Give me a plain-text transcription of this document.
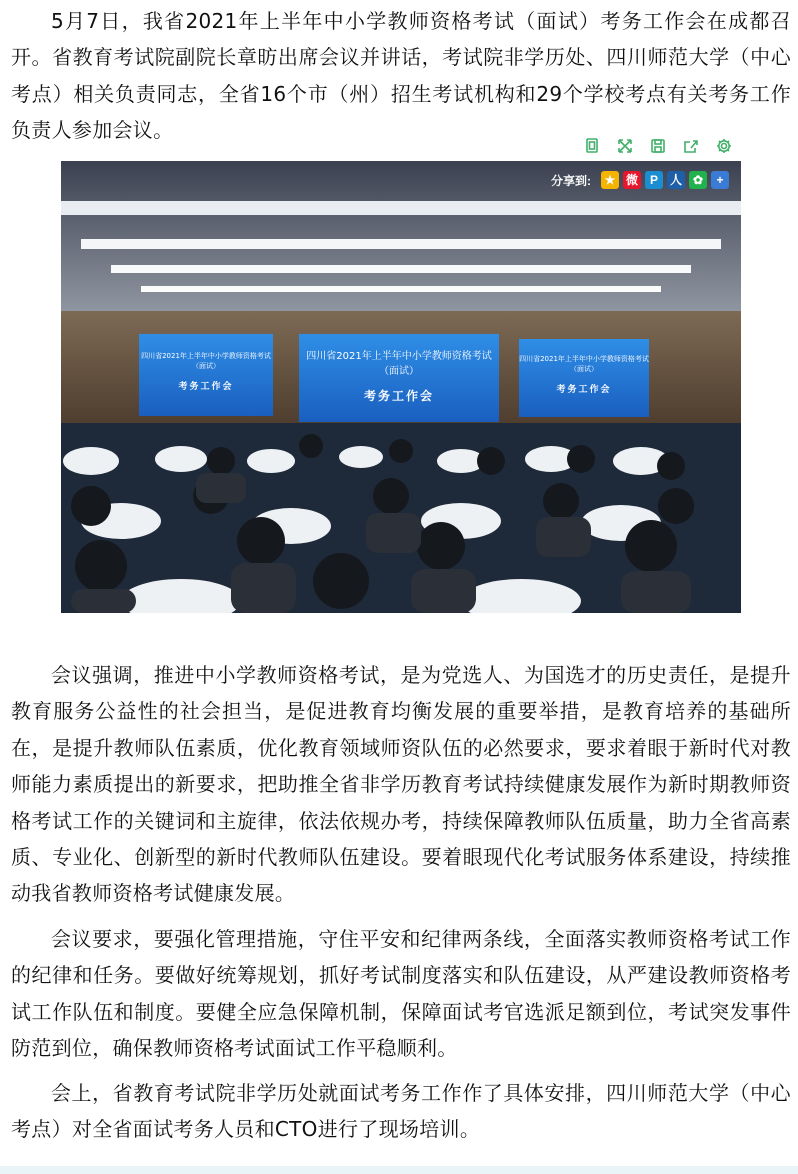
5月7日，我省2021年上半年中小学教师资格考试（面试）考务工作会在成都召开。省教育考试院副院长章昉出席会议并讲话，考试院非学历处、四川师范大学（中心考点）相关负责同志，全省16个市（州）招生考试机构和29个学校考点有关考务工作负责人参加会议。

四川省2021年上半年中小学教师资格考试（面试）
考务工作会
四川省2021年上半年中小学教师资格考试（面试）
考务工作会
四川省2021年上半年中小学教师资格考试（面试）
考务工作会
分享到:	★ 微 P 人 ✿	+

会议强调，推进中小学教师资格考试，是为党选人、为国选才的历史责任，是提升教育服务公益性的社会担当，是促进教育均衡发展的重要举措，是教育培养的基础所在，是提升教师队伍素质，优化教育领域师资队伍的必然要求，要求着眼于新时代对教师能力素质提出的新要求，把助推全省非学历教育考试持续健康发展作为新时期教师资格考试工作的关键词和主旋律，依法依规办考，持续保障教师队伍质量，助力全省高素质、专业化、创新型的新时代教师队伍建设。要着眼现代化考试服务体系建设，持续推动我省教师资格考试健康发展。

会议要求，要强化管理措施，守住平安和纪律两条线，全面落实教师资格考试工作的纪律和任务。要做好统筹规划，抓好考试制度落实和队伍建设，从严建设教师资格考试工作队伍和制度。要健全应急保障机制，保障面试考官选派足额到位，考试突发事件防范到位，确保教师资格考试面试工作平稳顺利。

会上，省教育考试院非学历处就面试考务工作作了具体安排，四川师范大学（中心考点）对全省面试考务人员和CTO进行了现场培训。
